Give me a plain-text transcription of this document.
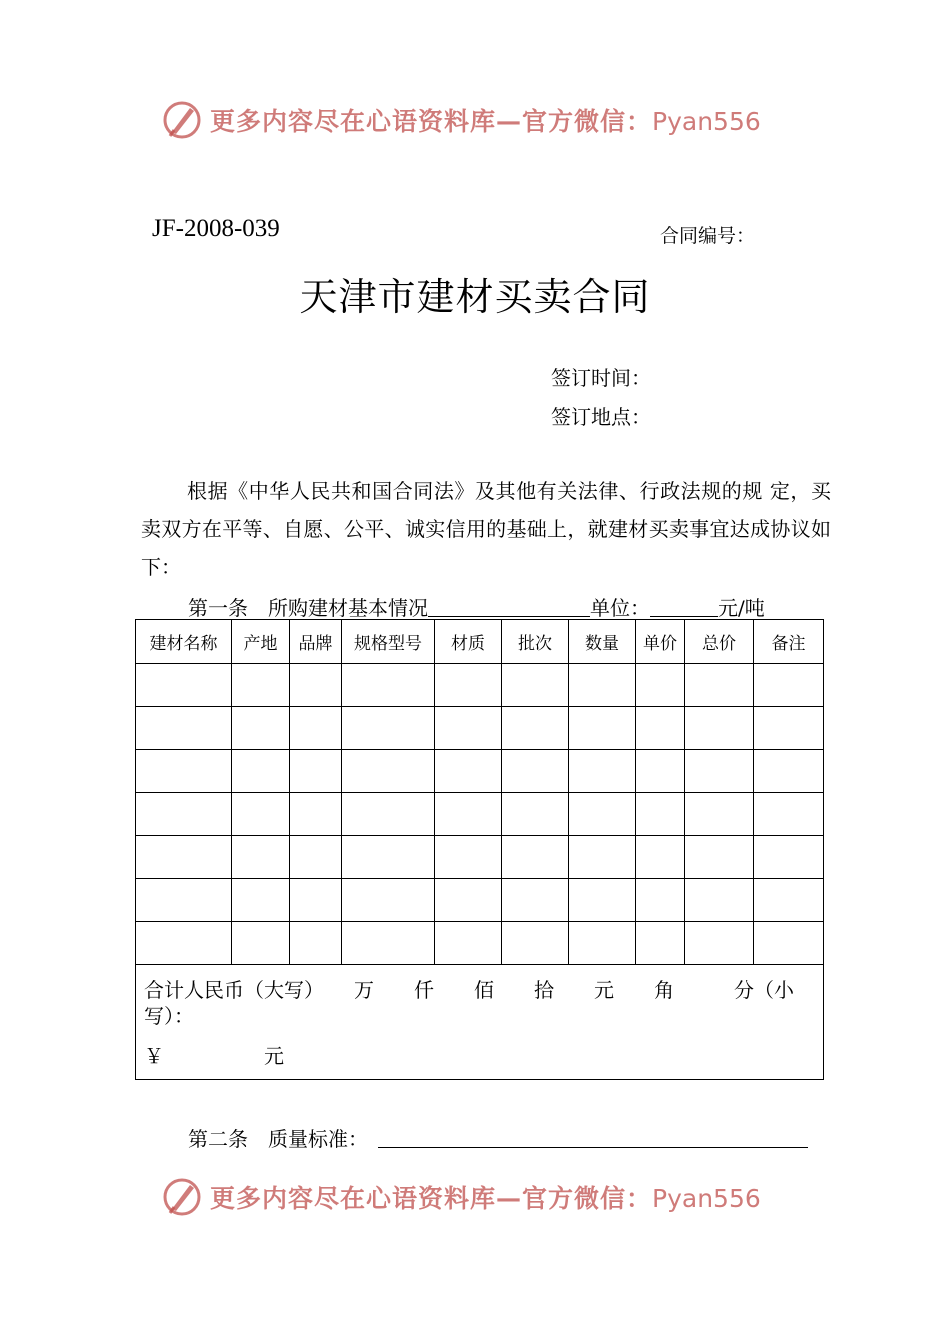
更多内容尽在心语资料库—官方微信：Pyan556
JF-2008-039	合同编号：
天津市建材买卖合同
签订时间：
签订地点：
根据《中华人民共和国合同法》及其他有关法律、行政法规的规 定，买卖双方在平等、自愿、公平、诚实信用的基础上，就建材买卖事宜达成协议如下：
第一条　所购建材基本情况	单位：	元/吨
建材名称	产地	品牌	规格型号	材质	批次	数量	单价	总价	备注

合计人民币（大写）　　万　　仟　　佰　　拾　　元　　角　　　分（小写）：
￥　　　　　元									
第二条　质量标准：
更多内容尽在心语资料库—官方微信：Pyan556
